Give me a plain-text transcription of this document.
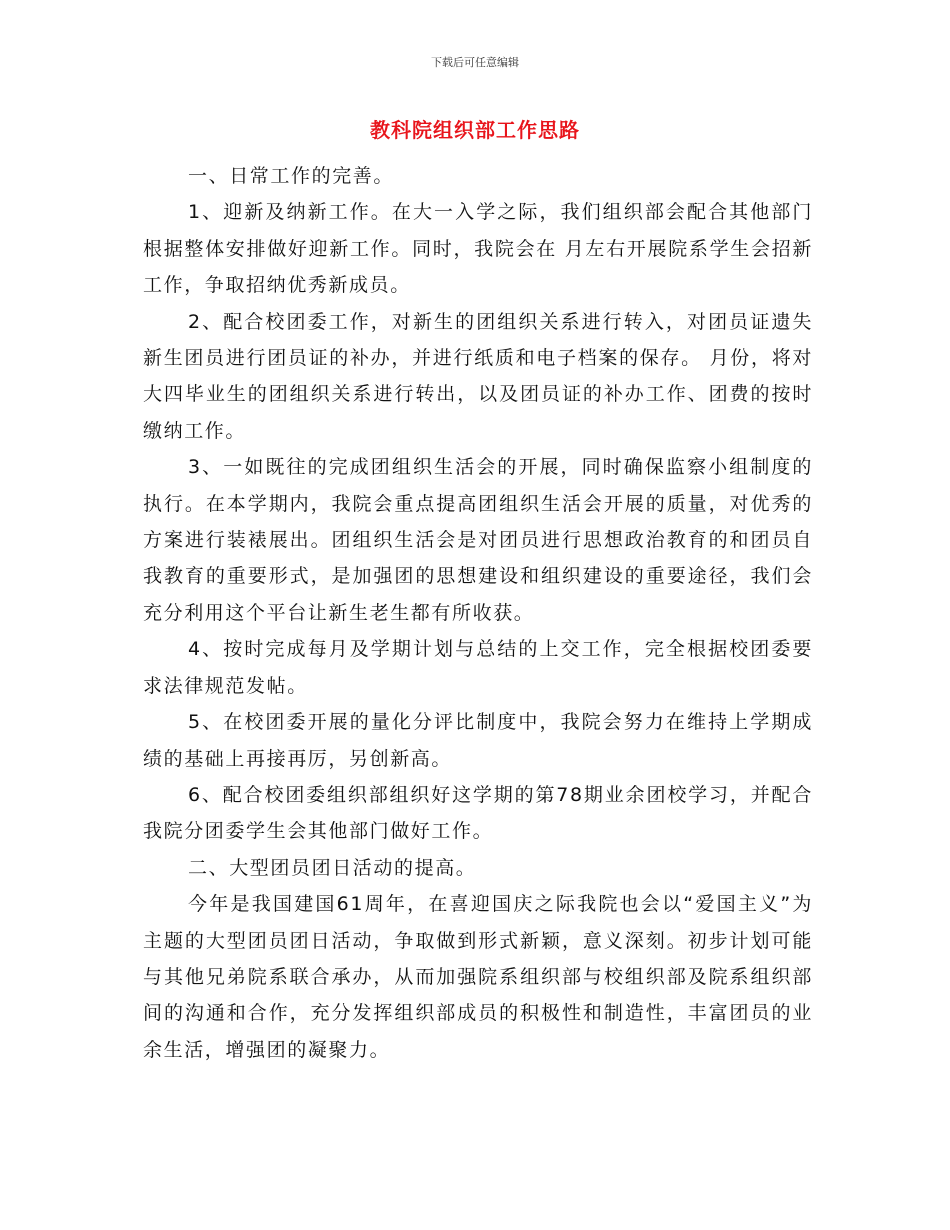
下载后可任意编辑
教科院组织部工作思路

一、日常工作的完善。

1、迎新及纳新工作。在大一入学之际，我们组织部会配合其他部门根据整体安排做好迎新工作。同时，我院会在 月左右开展院系学生会招新工作，争取招纳优秀新成员。

2、配合校团委工作，对新生的团组织关系进行转入，对团员证遗失新生团员进行团员证的补办，并进行纸质和电子档案的保存。 月份，将对大四毕业生的团组织关系进行转出，以及团员证的补办工作、团费的按时缴纳工作。

3、一如既往的完成团组织生活会的开展，同时确保监察小组制度的执行。在本学期内，我院会重点提高团组织生活会开展的质量，对优秀的方案进行装裱展出。团组织生活会是对团员进行思想政治教育的和团员自我教育的重要形式，是加强团的思想建设和组织建设的重要途径，我们会充分利用这个平台让新生老生都有所收获。

4、按时完成每月及学期计划与总结的上交工作，完全根据校团委要求法律规范发帖。

5、在校团委开展的量化分评比制度中，我院会努力在维持上学期成绩的基础上再接再厉，另创新高。

6、配合校团委组织部组织好这学期的第78期业余团校学习，并配合我院分团委学生会其他部门做好工作。

二、大型团员团日活动的提高。

今年是我国建国61周年，在喜迎国庆之际我院也会以“爱国主义”为主题的大型团员团日活动，争取做到形式新颖，意义深刻。初步计划可能与其他兄弟院系联合承办，从而加强院系组织部与校组织部及院系组织部间的沟通和合作，充分发挥组织部成员的积极性和制造性，丰富团员的业余生活，增强团的凝聚力。
